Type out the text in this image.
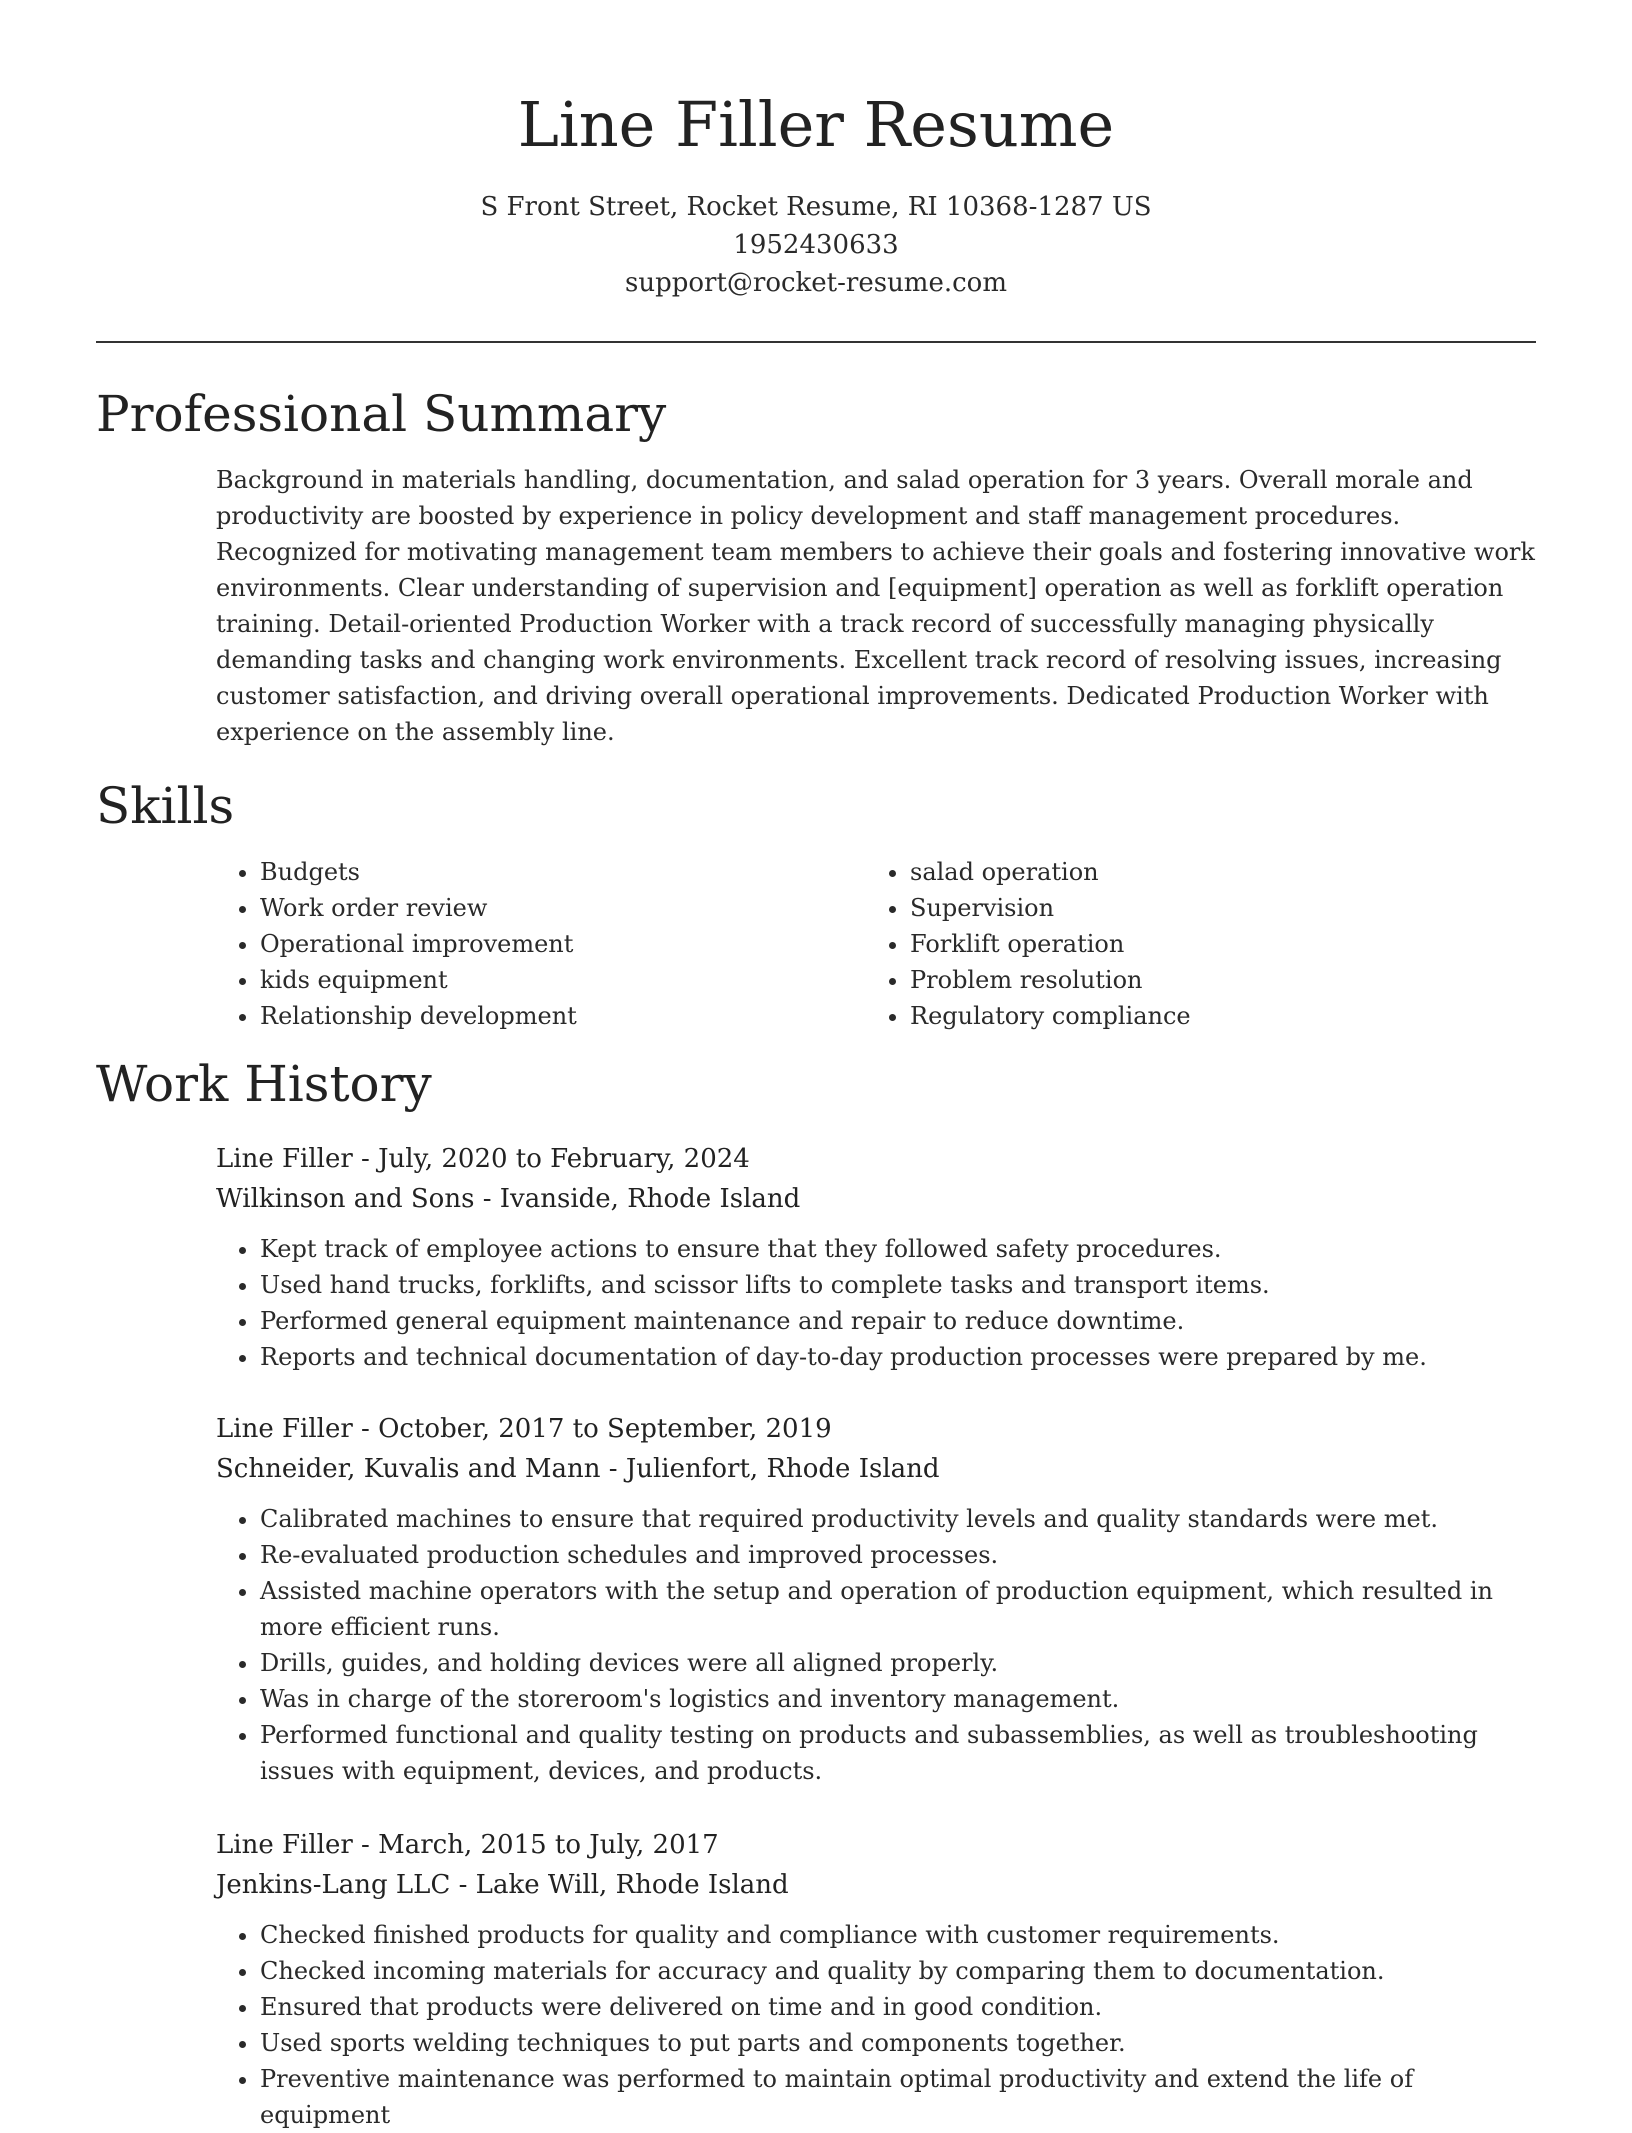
Line Filler Resume
S Front Street, Rocket Resume, RI 10368-1287 US
1952430633
support@rocket-resume.com
Professional Summary

Background in materials handling, documentation, and salad operation for 3 years. Overall morale and productivity are boosted by experience in policy development and staff management procedures. Recognized for motivating management team members to achieve their goals and fostering innovative work environments. Clear understanding of supervision and [equipment] operation as well as forklift operation training. Detail-oriented Production Worker with a track record of successfully managing physically demanding tasks and changing work environments. Excellent track record of resolving issues, increasing customer satisfaction, and driving overall operational improvements. Dedicated Production Worker with experience on the assembly line.

Skills
• Budgets
• Work order review
• Operational improvement
• kids equipment
• Relationship development
• salad operation
• Supervision
• Forklift operation
• Problem resolution
• Regulatory compliance
Work History
Line Filler - July, 2020 to February, 2024
Wilkinson and Sons - Ivanside, Rhode Island
• Kept track of employee actions to ensure that they followed safety procedures.
• Used hand trucks, forklifts, and scissor lifts to complete tasks and transport items.
• Performed general equipment maintenance and repair to reduce downtime.
• Reports and technical documentation of day-to-day production processes were prepared by me.
Line Filler - October, 2017 to September, 2019
Schneider, Kuvalis and Mann - Julienfort, Rhode Island
• Calibrated machines to ensure that required productivity levels and quality standards were met.
• Re-evaluated production schedules and improved processes.
• Assisted machine operators with the setup and operation of production equipment, which resulted in more efficient runs.
• Drills, guides, and holding devices were all aligned properly.
• Was in charge of the storeroom's logistics and inventory management.
• Performed functional and quality testing on products and subassemblies, as well as troubleshooting issues with equipment, devices, and products.
Line Filler - March, 2015 to July, 2017
Jenkins-Lang LLC - Lake Will, Rhode Island
• Checked finished products for quality and compliance with customer requirements.
• Checked incoming materials for accuracy and quality by comparing them to documentation.
• Ensured that products were delivered on time and in good condition.
• Used sports welding techniques to put parts and components together.
• Preventive maintenance was performed to maintain optimal productivity and extend the life of equipment
